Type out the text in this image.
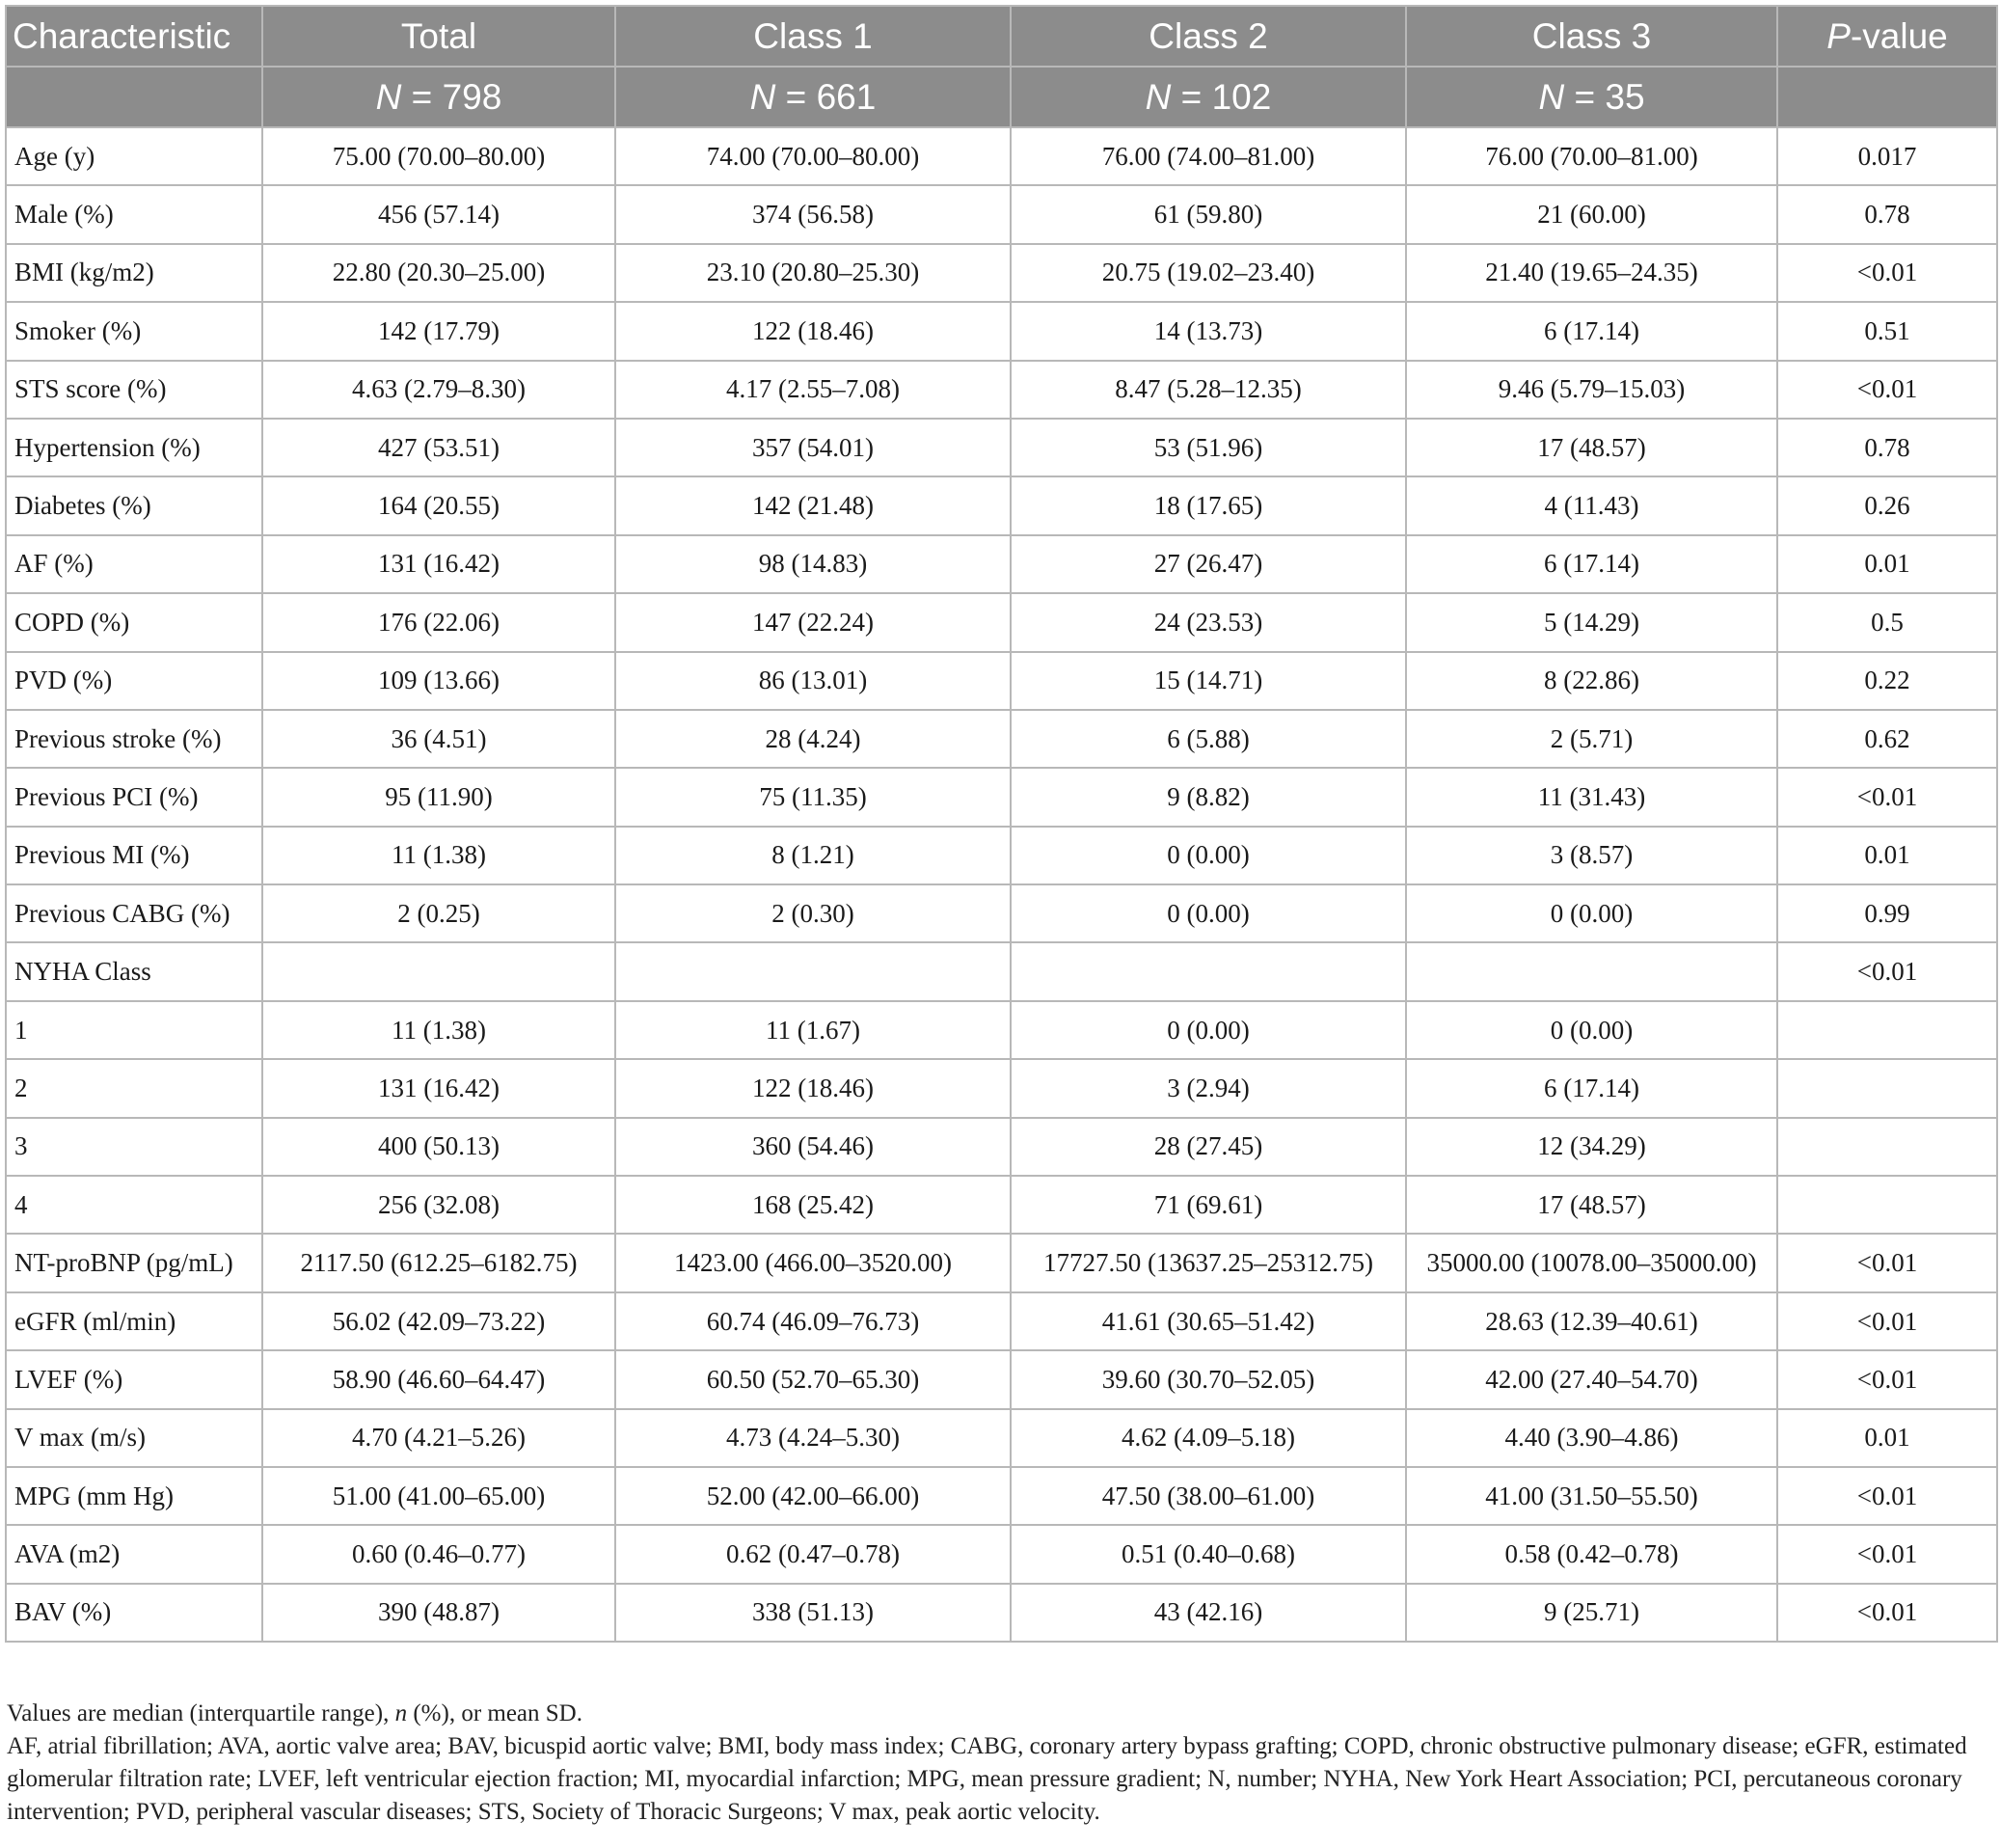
Characteristic	Total	Class 1	Class 2	Class 3	P-value
	N = 798	N = 661	N = 102	N = 35	
Age (y)	75.00 (70.00–80.00)	74.00 (70.00–80.00)	76.00 (74.00–81.00)	76.00 (70.00–81.00)	0.017
Male (%)	456 (57.14)	374 (56.58)	61 (59.80)	21 (60.00)	0.78
BMI (kg/m2)	22.80 (20.30–25.00)	23.10 (20.80–25.30)	20.75 (19.02–23.40)	21.40 (19.65–24.35)	<0.01
Smoker (%)	142 (17.79)	122 (18.46)	14 (13.73)	6 (17.14)	0.51
STS score (%)	4.63 (2.79–8.30)	4.17 (2.55–7.08)	8.47 (5.28–12.35)	9.46 (5.79–15.03)	<0.01
Hypertension (%)	427 (53.51)	357 (54.01)	53 (51.96)	17 (48.57)	0.78
Diabetes (%)	164 (20.55)	142 (21.48)	18 (17.65)	4 (11.43)	0.26
AF (%)	131 (16.42)	98 (14.83)	27 (26.47)	6 (17.14)	0.01
COPD (%)	176 (22.06)	147 (22.24)	24 (23.53)	5 (14.29)	0.5
PVD (%)	109 (13.66)	86 (13.01)	15 (14.71)	8 (22.86)	0.22
Previous stroke (%)	36 (4.51)	28 (4.24)	6 (5.88)	2 (5.71)	0.62
Previous PCI (%)	95 (11.90)	75 (11.35)	9 (8.82)	11 (31.43)	<0.01
Previous MI (%)	11 (1.38)	8 (1.21)	0 (0.00)	3 (8.57)	0.01
Previous CABG (%)	2 (0.25)	2 (0.30)	0 (0.00)	0 (0.00)	0.99
NYHA Class					<0.01
1	11 (1.38)	11 (1.67)	0 (0.00)	0 (0.00)	
2	131 (16.42)	122 (18.46)	3 (2.94)	6 (17.14)	
3	400 (50.13)	360 (54.46)	28 (27.45)	12 (34.29)	
4	256 (32.08)	168 (25.42)	71 (69.61)	17 (48.57)	
NT-proBNP (pg/mL)	2117.50 (612.25–6182.75)	1423.00 (466.00–3520.00)	17727.50 (13637.25–25312.75)	35000.00 (10078.00–35000.00)	<0.01
eGFR (ml/min)	56.02 (42.09–73.22)	60.74 (46.09–76.73)	41.61 (30.65–51.42)	28.63 (12.39–40.61)	<0.01
LVEF (%)	58.90 (46.60–64.47)	60.50 (52.70–65.30)	39.60 (30.70–52.05)	42.00 (27.40–54.70)	<0.01
V max (m/s)	4.70 (4.21–5.26)	4.73 (4.24–5.30)	4.62 (4.09–5.18)	4.40 (3.90–4.86)	0.01
MPG (mm Hg)	51.00 (41.00–65.00)	52.00 (42.00–66.00)	47.50 (38.00–61.00)	41.00 (31.50–55.50)	<0.01
AVA (m2)	0.60 (0.46–0.77)	0.62 (0.47–0.78)	0.51 (0.40–0.68)	0.58 (0.42–0.78)	<0.01
BAV (%)	390 (48.87)	338 (51.13)	43 (42.16)	9 (25.71)	<0.01

Values are median (interquartile range), n (%), or mean SD.

AF, atrial fibrillation; AVA, aortic valve area; BAV, bicuspid aortic valve; BMI, body mass index; CABG, coronary artery bypass grafting; COPD, chronic obstructive pulmonary disease; eGFR, estimated glomerular filtration rate; LVEF, left ventricular ejection fraction; MI, myocardial infarction; MPG, mean pressure gradient; N, number; NYHA, New York Heart Association; PCI, percutaneous coronary intervention; PVD, peripheral vascular diseases; STS, Society of Thoracic Surgeons; V max, peak aortic velocity.
